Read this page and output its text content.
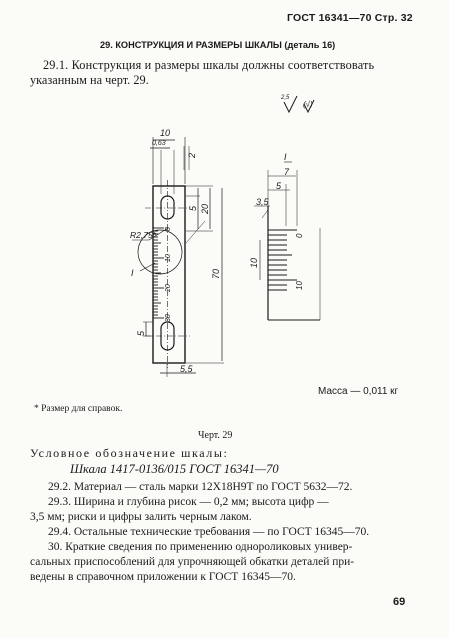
ГОСТ 16341—70 Стр. 32
29. КОНСТРУКЦИЯ И РАЗМЕРЫ ШКАЛЫ (деталь 16)
29.1. Конструкция и размеры шкалы должны соответствовать
указанным на черт. 29.
2,5
(√)
10
0,63
2
5 20
R2,75*
I
5
70
5,5
0
10
20
30
I
7
5
3,5
0
10
10
Масса — 0,011 кг
* Размер для справок.
Черт. 29
Условное обозначение шкалы:
Шкала 1417-0136/015 ГОСТ 16341—70
29.2. Материал — сталь марки 12Х18Н9Т по ГОСТ 5632—72.
29.3. Ширина и глубина рисок — 0,2 мм; высота цифр —
3,5 мм; риски и цифры залить черным лаком.
29.4. Остальные технические требования — по ГОСТ 16345—70.
30. Краткие сведения по применению однороликовых универ-
сальных приспособлений для упрочняющей обкатки деталей при-
ведены в справочном приложении к ГОСТ 16345—70.
69
